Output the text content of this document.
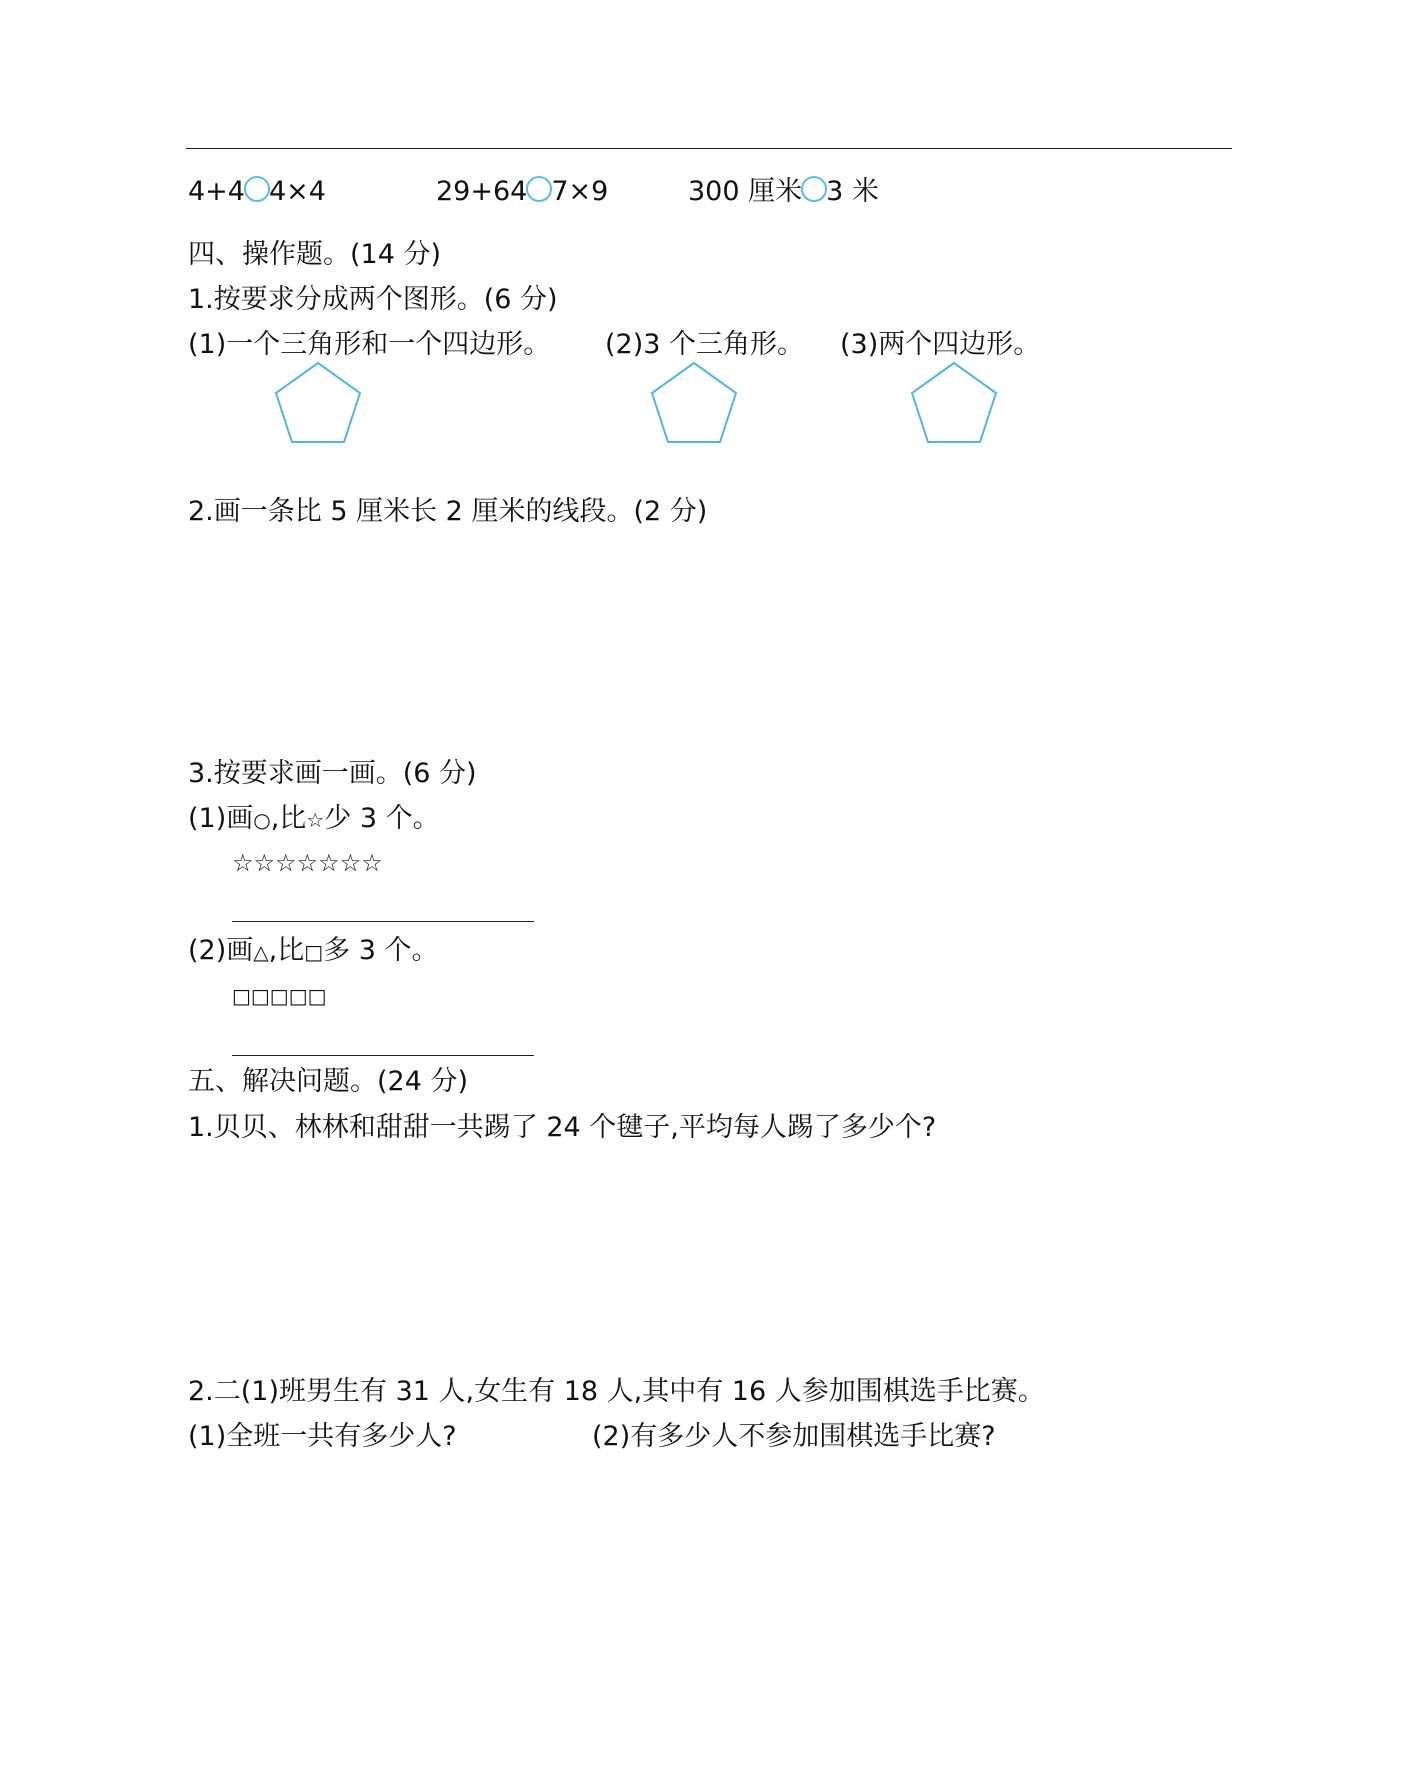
4+4 4×4	29+64 7×9	300 厘米 3 米
四、操作题。(14 分)
1.按要求分成两个图形。(6 分)
(1)一个三角形和一个四边形。 (2)3 个三角形。 (3)两个四边形。
2.画一条比 5 厘米长 2 厘米的线段。(2 分)
3.按要求画一画。(6 分)
(1)画○,比☆少 3 个。
☆☆☆☆☆☆☆
(2)画△,比□多 3 个。
□□□□□
五、解决问题。(24 分)
1.贝贝、林林和甜甜一共踢了 24 个毽子,平均每人踢了多少个?
2.二(1)班男生有 31 人,女生有 18 人,其中有 16 人参加围棋选手比赛。
(1)全班一共有多少人?	(2)有多少人不参加围棋选手比赛?
